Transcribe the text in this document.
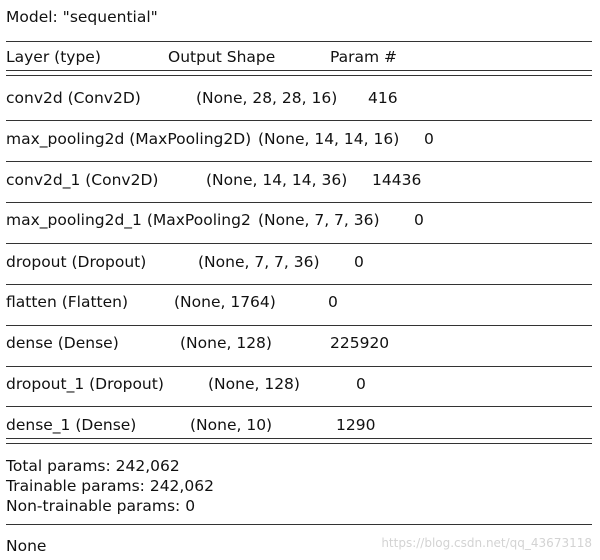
Model: "sequential"
Layer (type)	Output Shape	Param #
conv2d (Conv2D)	(None, 28, 28, 16) 416
max_pooling2d (MaxPooling2D) (None, 14, 14, 16) 0
conv2d_1 (Conv2D)	(None, 14, 14, 36) 14436
max_pooling2d_1 (MaxPooling2 (None, 7, 7, 36) 0
dropout (Dropout)	(None, 7, 7, 36) 0
flatten (Flatten)	(None, 1764)	0
dense (Dense)	(None, 128)	225920
dropout_1 (Dropout)	(None, 128)	0
dense_1 (Dense)	(None, 10)	1290
Total params: 242,062
Trainable params: 242,062
Non-trainable params: 0
None	https://blog.csdn.net/qq_43673118
